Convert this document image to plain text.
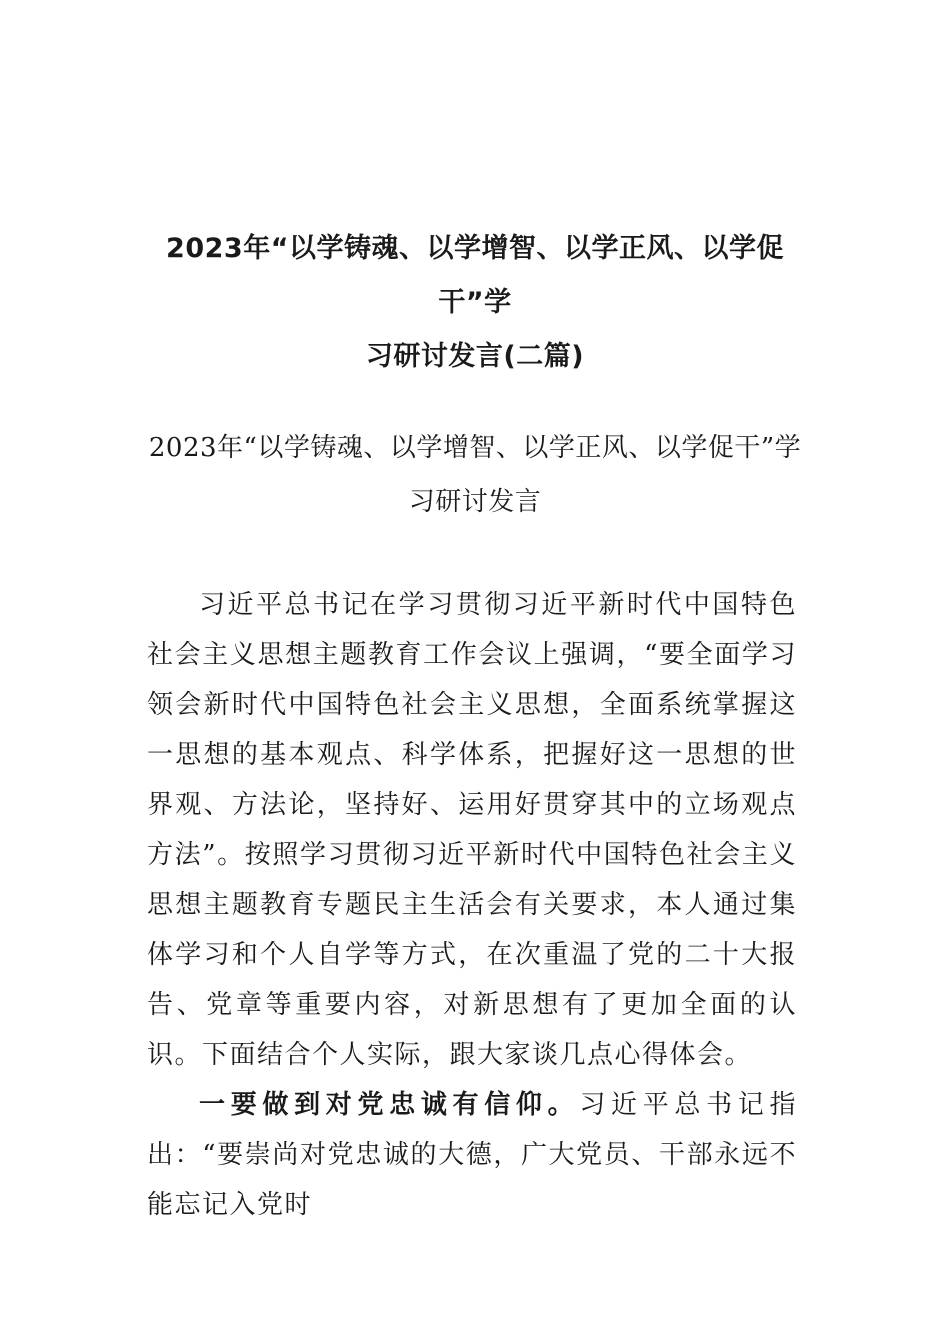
2023年“以学铸魂、以学增智、以学正风、以学促干”学
习研讨发言(二篇)
2023年“以学铸魂、以学增智、以学正风、以学促干”学
习研讨发言

习近平总书记在学习贯彻习近平新时代中国特色社会主义思想主题教育工作会议上强调，“要全面学习领会新时代中国特色社会主义思想，全面系统掌握这一思想的基本观点、科学体系，把握好这一思想的世界观、方法论，坚持好、运用好贯穿其中的立场观点方法”。按照学习贯彻习近平新时代中国特色社会主义思想主题教育专题民主生活会有关要求，本人通过集体学习和个人自学等方式，在次重温了党的二十大报告、党章等重要内容，对新思想有了更加全面的认识。下面结合个人实际，跟大家谈几点心得体会。

一要做到对党忠诚有信仰。习近平总书记指出：“要崇尚对党忠诚的大德，广大党员、干部永远不能忘记入党时
